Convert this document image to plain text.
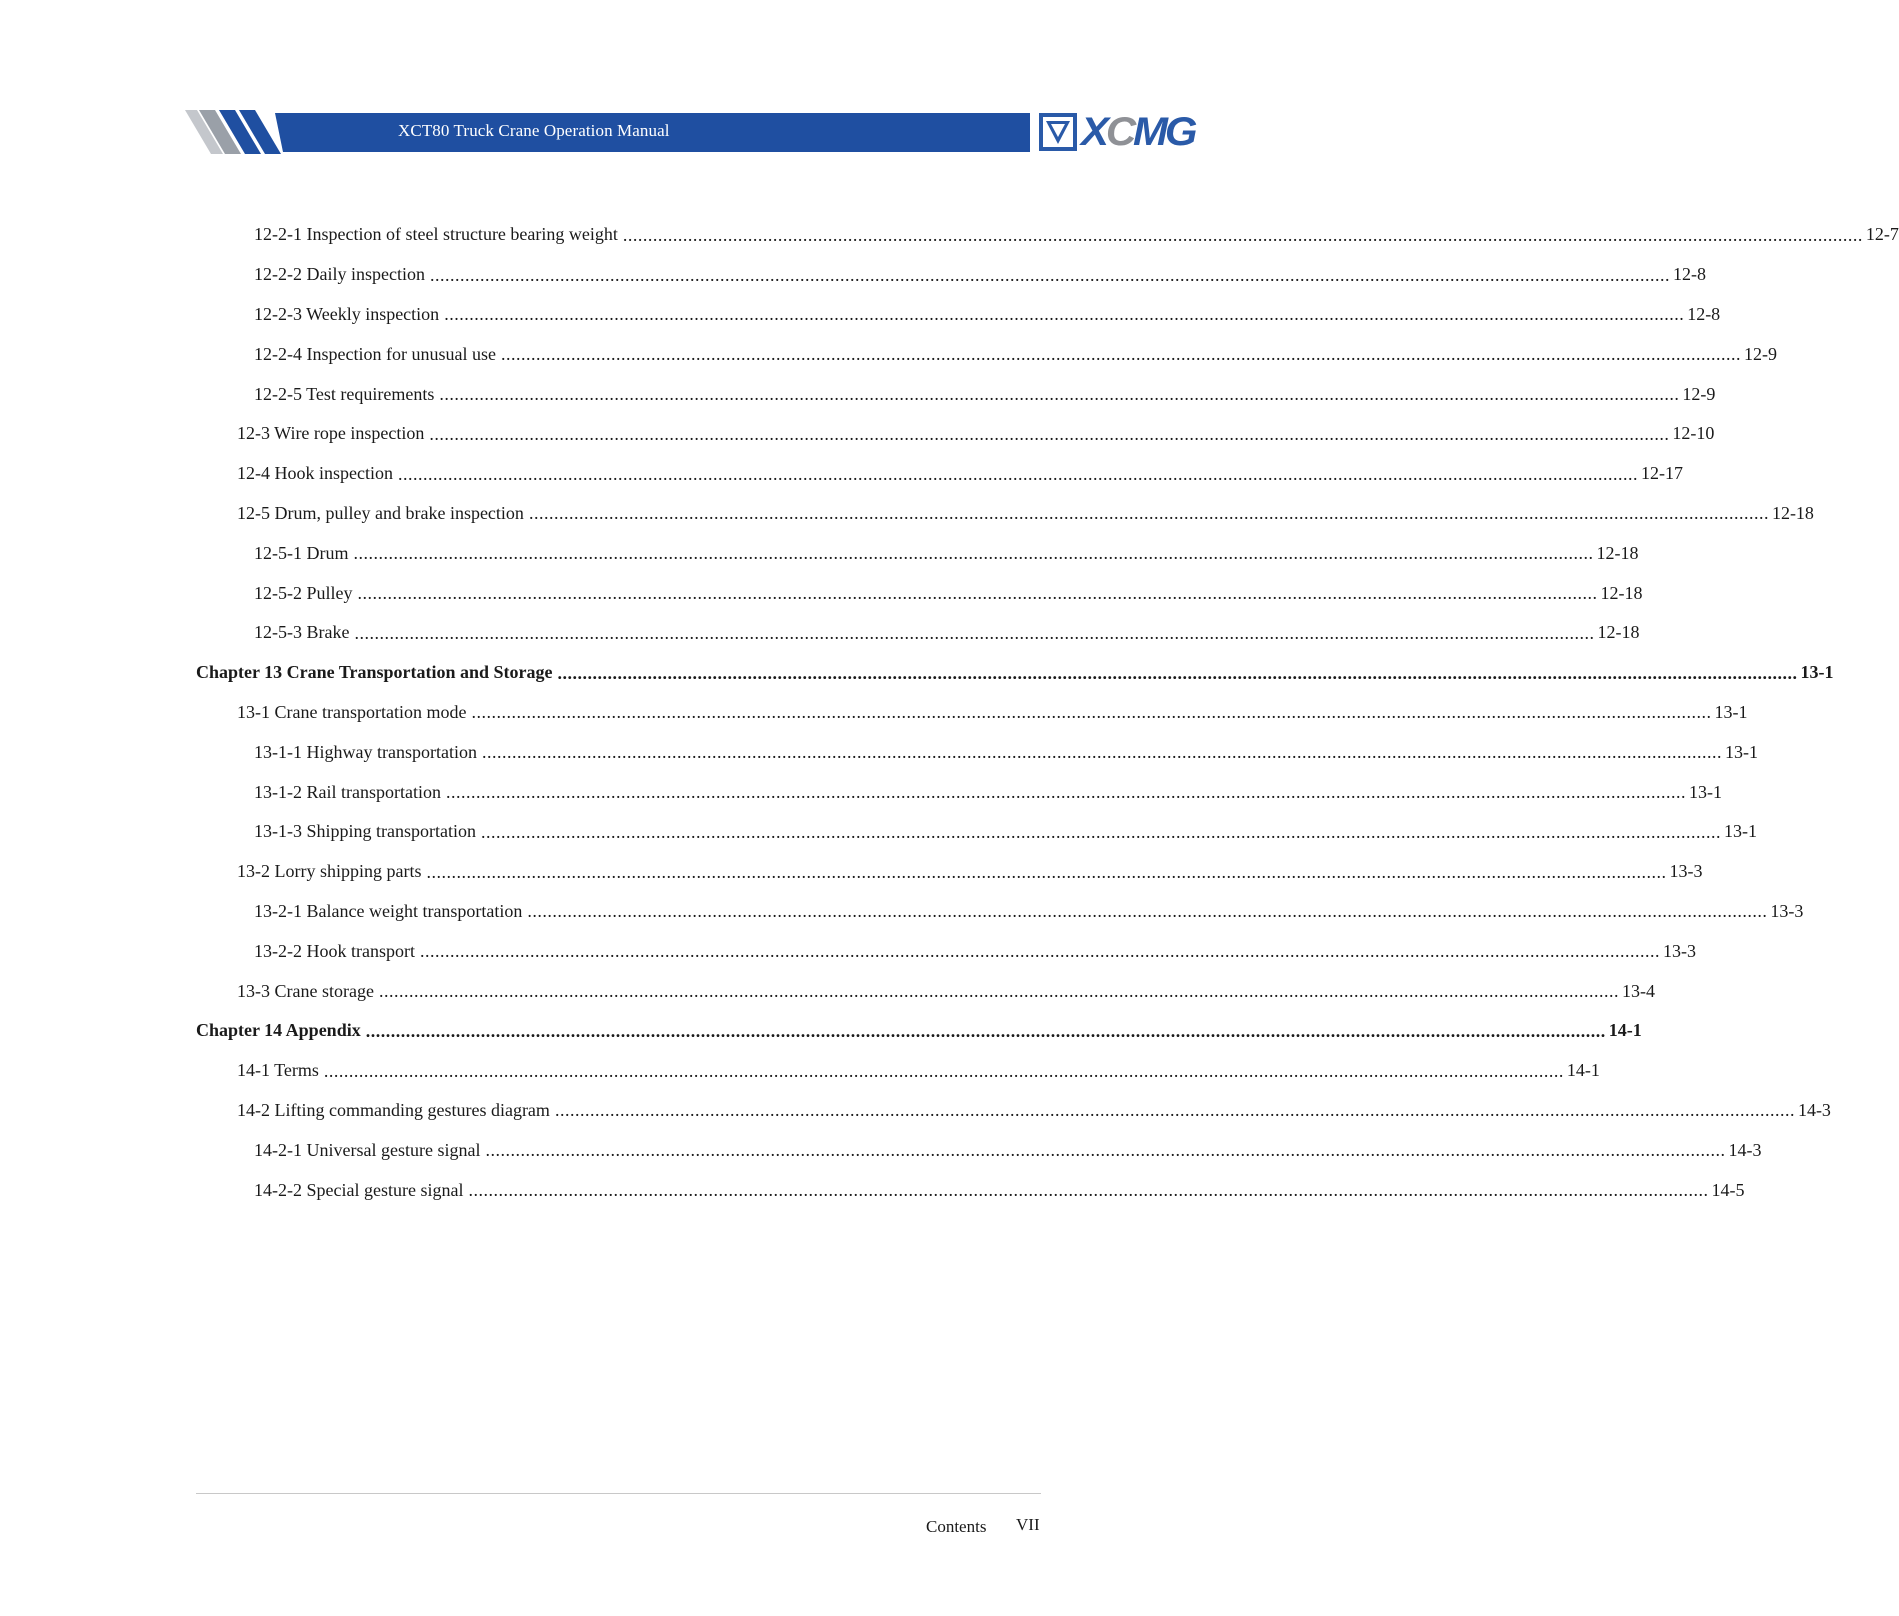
XCT80 Truck Crane Operation Manual	XCMG
12-2-1 Inspection of steel structure bearing weight .....	12-7
12-2-2 Daily inspection .....	12-8
12-2-3 Weekly inspection .....	12-8
12-2-4 Inspection for unusual use .....	12-9
12-2-5 Test requirements .....	12-9
12-3 Wire rope inspection .....	12-10
12-4 Hook inspection .....	12-17
12-5 Drum, pulley and brake inspection .....	12-18
12-5-1 Drum .....	12-18
12-5-2 Pulley .....	12-18
12-5-3 Brake .....	12-18
Chapter 13 Crane Transportation and Storage .....	13-1
13-1 Crane transportation mode .....	13-1
13-1-1 Highway transportation .....	13-1
13-1-2 Rail transportation .....	13-1
13-1-3 Shipping transportation .....	13-1
13-2 Lorry shipping parts .....	13-3
13-2-1 Balance weight transportation .....	13-3
13-2-2 Hook transport .....	13-3
13-3 Crane storage .....	13-4
Chapter 14 Appendix .....	14-1
14-1 Terms .....	14-1
14-2 Lifting commanding gestures diagram .....	14-3
14-2-1 Universal gesture signal .....	14-3
14-2-2 Special gesture signal .....	14-5
Contents VII
